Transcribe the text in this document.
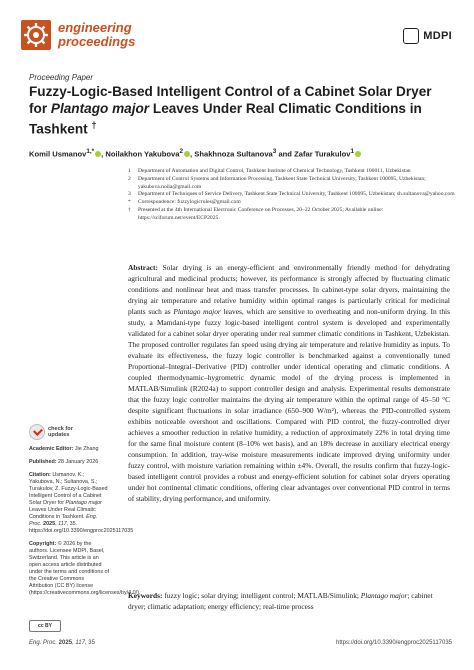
engineering
proceedings	MDPI
Proceeding Paper
Fuzzy-Logic-Based Intelligent Control of a Cabinet Solar Dryer for Plantago major Leaves Under Real Climatic Conditions in Tashkent †
Komil Usmanov$^{1,*}$ , Noilakhon Yakubova$^2$ , Shakhnoza Sultanova$^3$ and Zafar Turakulov$^1$
1	Department of Automation and Digital Control, Tashkent Institute of Chemical Technology, Tashkent 100011, Uzbekistan
2	Department of Control Systems and Information Processing, Tashkent State Technical University, Tashkent 100095, Uzbekistan; yakubova.noila@gmail.com
3	Department of Techniques of Service Delivery, Tashkent State Technical University, Tashkent 100095, Uzbekistan; sh.sultanova@yahoo.com
*	Correspondence: fuzzylogicrules@gmail.com
†	Presented at the 4th International Electronic Conference on Processes, 20–22 October 2025; Available online: https://sciforum.net/event/ECP2025.
Abstract: Solar drying is an energy-efficient and environmentally friendly method for dehydrating agricultural and medicinal products; however, its performance is strongly affected by fluctuating climatic conditions and nonlinear heat and mass transfer processes. In cabinet-type solar dryers, maintaining the drying air temperature and relative humidity within optimal ranges is particularly critical for medicinal plants such as Plantago major leaves, which are sensitive to overheating and non-uniform drying. In this study, a Mamdani-type fuzzy logic-based intelligent control system is developed and experimentally validated for a cabinet solar dryer operating under real summer climatic conditions in Tashkent, Uzbekistan. The proposed controller regulates fan speed using drying air temperature and relative humidity as inputs. To evaluate its effectiveness, the fuzzy logic controller is benchmarked against a conventionally tuned Proportional–Integral–Derivative (PID) controller under identical operating and climatic conditions. A coupled thermodynamic–hygrometric dynamic model of the drying process is implemented in MATLAB/Simulink (R2024a) to support controller design and analysis. Experimental results demonstrate that the fuzzy logic controller maintains the drying air temperature within the optimal range of 45–50 °C despite significant fluctuations in solar irradiance (650–900 W/m²), whereas the PID-controlled system exhibits noticeable overshoot and oscillations. Compared with PID control, the fuzzy-controlled dryer achieves a smoother reduction in relative humidity, a reduction of approximately 22% in total drying time for the same final moisture content (8–10% wet basis), and an 18% decrease in auxiliary electrical energy consumption. In addition, tray-wise moisture measurements indicate improved drying uniformity under fuzzy control, with moisture variation remaining within ±4%. Overall, the results confirm that fuzzy-logic-based intelligent control provides a robust and energy-efficient solution for cabinet solar dryers operating under hot continental climatic conditions, offering clear advantages over conventional PID control in terms of stability, drying performance, and uniformity.
Keywords: fuzzy logic; solar drying; intelligent control; MATLAB/Simulink; Plantago major; cabinet dryer; climatic adaptation; energy efficiency; real-time process
check for
updates

Academic Editor: Jie Zhang

Published: 28 January 2026

Citation: Usmanov, K.; Yakubova, N.; Sultanova, S.; Turakulov, Z. Fuzzy-Logic-Based Intelligent Control of a Cabinet Solar Dryer for Plantago major Leaves Under Real Climatic Conditions in Tashkent. Eng. Proc. 2025, 117, 35. https://doi.org/10.3390/engproc2025117035

Copyright: © 2026 by the authors. Licensee MDPI, Basel, Switzerland. This article is an open access article distributed under the terms and conditions of the Creative Commons Attribution (CC BY) license (https://creativecommons.org/licenses/by/4.0/).

cc BY
Eng. Proc. 2025, 117, 35	https://doi.org/10.3390/engproc2025117035
